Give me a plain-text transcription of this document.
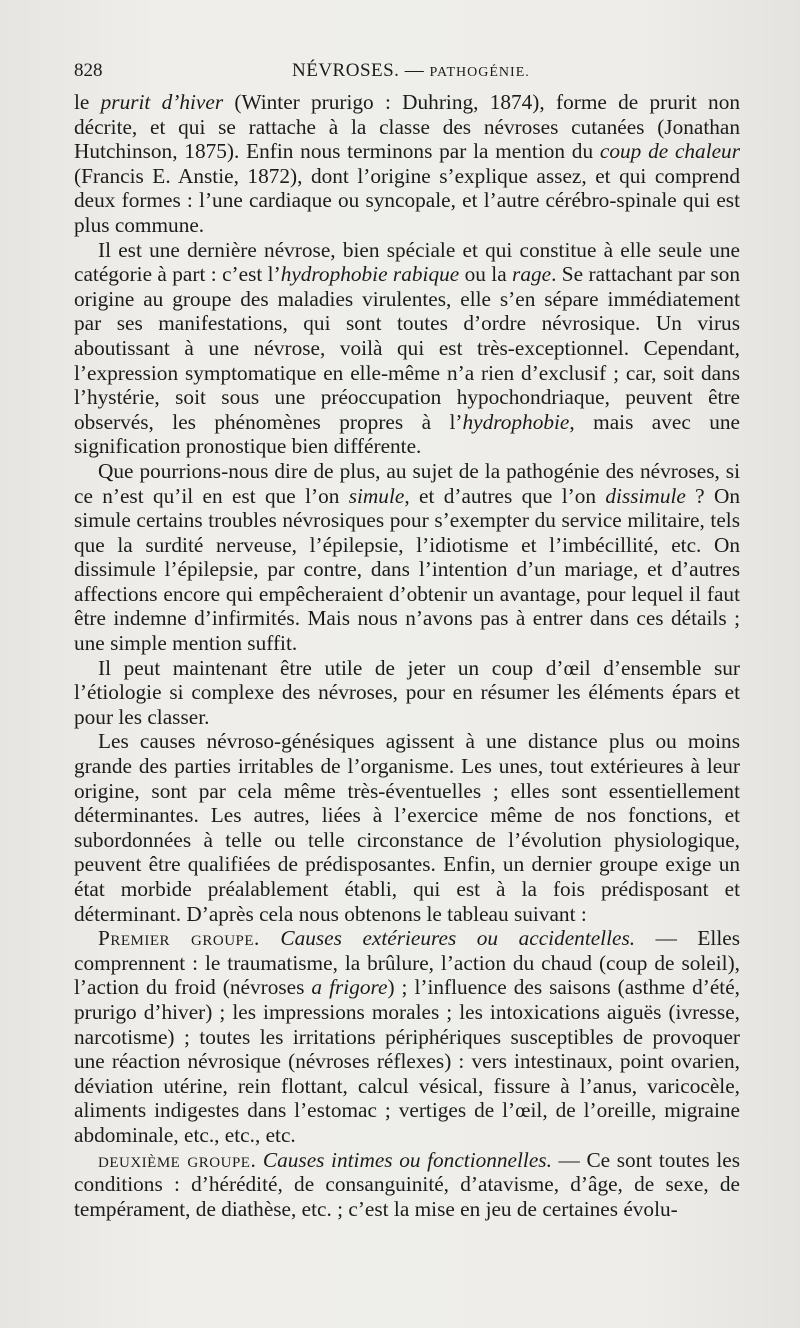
828	NÉVROSES. — PATHOGÉNIE.

le prurit d’hiver (Winter prurigo : Duhring, 1874), forme de prurit non décrite, et qui se rattache à la classe des névroses cutanées (Jonathan Hutchinson, 1875). Enfin nous terminons par la mention du coup de chaleur (Francis E. Anstie, 1872), dont l’origine s’explique assez, et qui comprend deux formes : l’une cardiaque ou syncopale, et l’autre cérébro-spinale qui est plus commune.

Il est une dernière névrose, bien spéciale et qui constitue à elle seule une catégorie à part : c’est l’hydrophobie rabique ou la rage. Se rattachant par son origine au groupe des maladies virulentes, elle s’en sépare immédiatement par ses manifestations, qui sont toutes d’ordre névrosique. Un virus aboutissant à une névrose, voilà qui est très-exceptionnel. Cependant, l’expression symptomatique en elle-même n’a rien d’exclusif ; car, soit dans l’hystérie, soit sous une préoccupation hypochondriaque, peuvent être observés, les phénomènes propres à l’hydrophobie, mais avec une signification pronostique bien différente.

Que pourrions-nous dire de plus, au sujet de la pathogénie des névroses, si ce n’est qu’il en est que l’on simule, et d’autres que l’on dissimule ? On simule certains troubles névrosiques pour s’exempter du service militaire, tels que la surdité nerveuse, l’épilepsie, l’idiotisme et l’imbécillité, etc. On dissimule l’épilepsie, par contre, dans l’intention d’un mariage, et d’autres affections encore qui empêcheraient d’obtenir un avantage, pour lequel il faut être indemne d’infirmités. Mais nous n’avons pas à entrer dans ces détails ; une simple mention suffit.

Il peut maintenant être utile de jeter un coup d’œil d’ensemble sur l’étiologie si complexe des névroses, pour en résumer les éléments épars et pour les classer.

Les causes névroso-génésiques agissent à une distance plus ou moins grande des parties irritables de l’organisme. Les unes, tout extérieures à leur origine, sont par cela même très-éventuelles ; elles sont essentiellement déterminantes. Les autres, liées à l’exercice même de nos fonctions, et subordonnées à telle ou telle circonstance de l’évolution physiologique, peuvent être qualifiées de prédisposantes. Enfin, un dernier groupe exige un état morbide préalablement établi, qui est à la fois prédisposant et déterminant. D’après cela nous obtenons le tableau suivant :

Premier groupe. Causes extérieures ou accidentelles. — Elles comprennent : le traumatisme, la brûlure, l’action du chaud (coup de soleil), l’action du froid (névroses a frigore) ; l’influence des saisons (asthme d’été, prurigo d’hiver) ; les impressions morales ; les intoxications aiguës (ivresse, narcotisme) ; toutes les irritations périphériques susceptibles de provoquer une réaction névrosique (névroses réflexes) : vers intestinaux, point ovarien, déviation utérine, rein flottant, calcul vésical, fissure à l’anus, varicocèle, aliments indigestes dans l’estomac ; vertiges de l’œil, de l’oreille, migraine abdominale, etc., etc., etc.

deuxième groupe. Causes intimes ou fonctionnelles. — Ce sont toutes les conditions : d’hérédité, de consanguinité, d’atavisme, d’âge, de sexe, de tempérament, de diathèse, etc. ; c’est la mise en jeu de certaines évolu-
